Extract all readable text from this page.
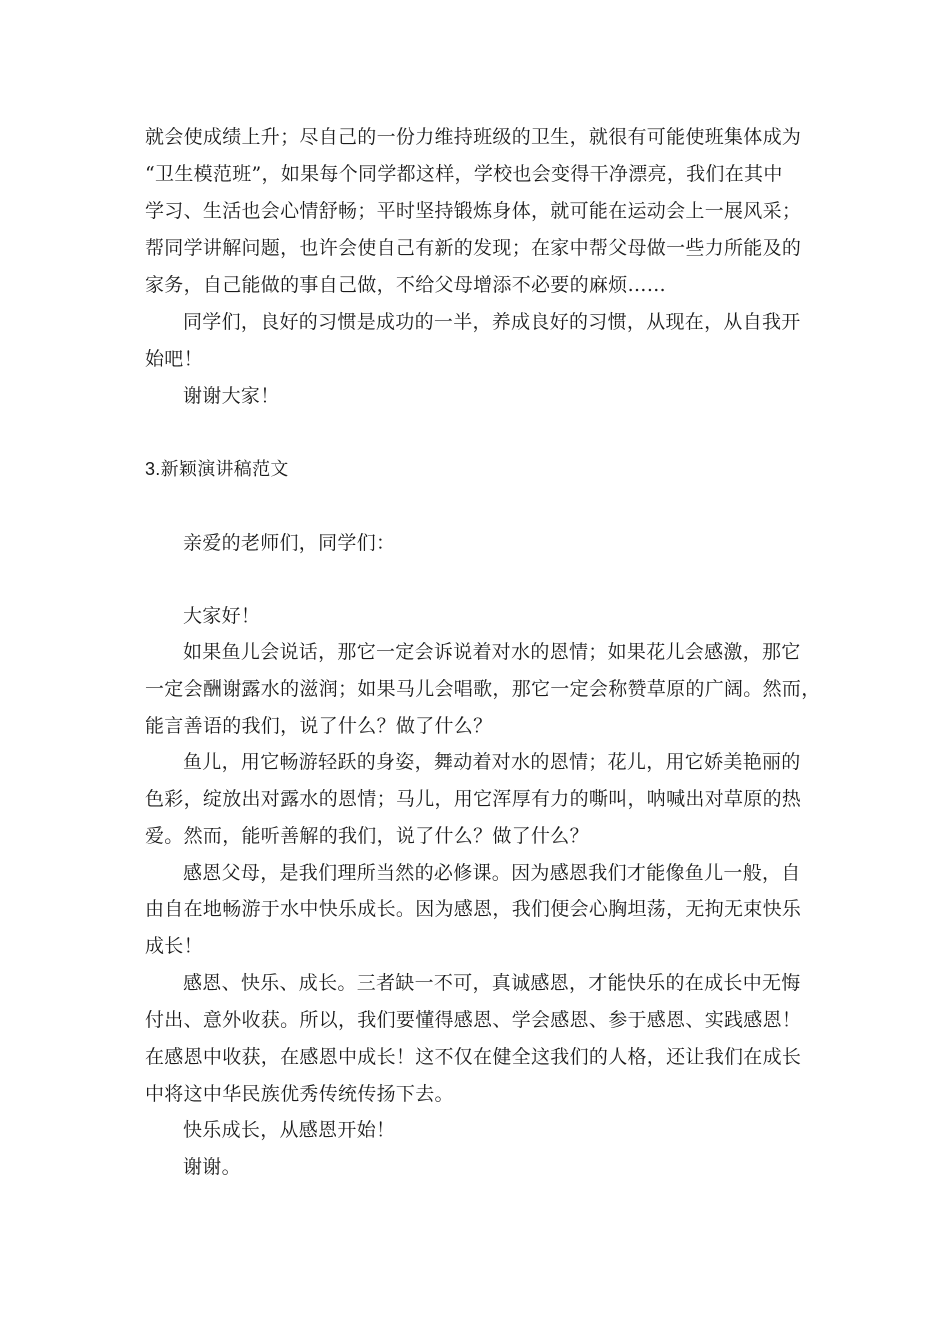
就会使成绩上升；尽自己的一份力维持班级的卫生，就很有可能使班集体成为
“卫生模范班”，如果每个同学都这样，学校也会变得干净漂亮，我们在其中
学习、生活也会心情舒畅；平时坚持锻炼身体，就可能在运动会上一展风采；
帮同学讲解问题，也许会使自己有新的发现；在家中帮父母做一些力所能及的
家务，自己能做的事自己做，不给父母增添不必要的麻烦……
同学们，良好的习惯是成功的一半，养成良好的习惯，从现在，从自我开
始吧！
谢谢大家！
3.新颖演讲稿范文
亲爱的老师们，同学们：
大家好！
如果鱼儿会说话，那它一定会诉说着对水的恩情；如果花儿会感激，那它
一定会酬谢露水的滋润；如果马儿会唱歌，那它一定会称赞草原的广阔。然而，
能言善语的我们，说了什么？做了什么？
鱼儿，用它畅游轻跃的身姿，舞动着对水的恩情；花儿，用它娇美艳丽的
色彩，绽放出对露水的恩情；马儿，用它浑厚有力的嘶叫，呐喊出对草原的热
爱。然而，能听善解的我们，说了什么？做了什么？
感恩父母，是我们理所当然的必修课。因为感恩我们才能像鱼儿一般，自
由自在地畅游于水中快乐成长。因为感恩，我们便会心胸坦荡，无拘无束快乐
成长！
感恩、快乐、成长。三者缺一不可，真诚感恩，才能快乐的在成长中无悔
付出、意外收获。所以，我们要懂得感恩、学会感恩、参于感恩、实践感恩！
在感恩中收获，在感恩中成长！这不仅在健全这我们的人格，还让我们在成长
中将这中华民族优秀传统传扬下去。
快乐成长，从感恩开始！
谢谢。
